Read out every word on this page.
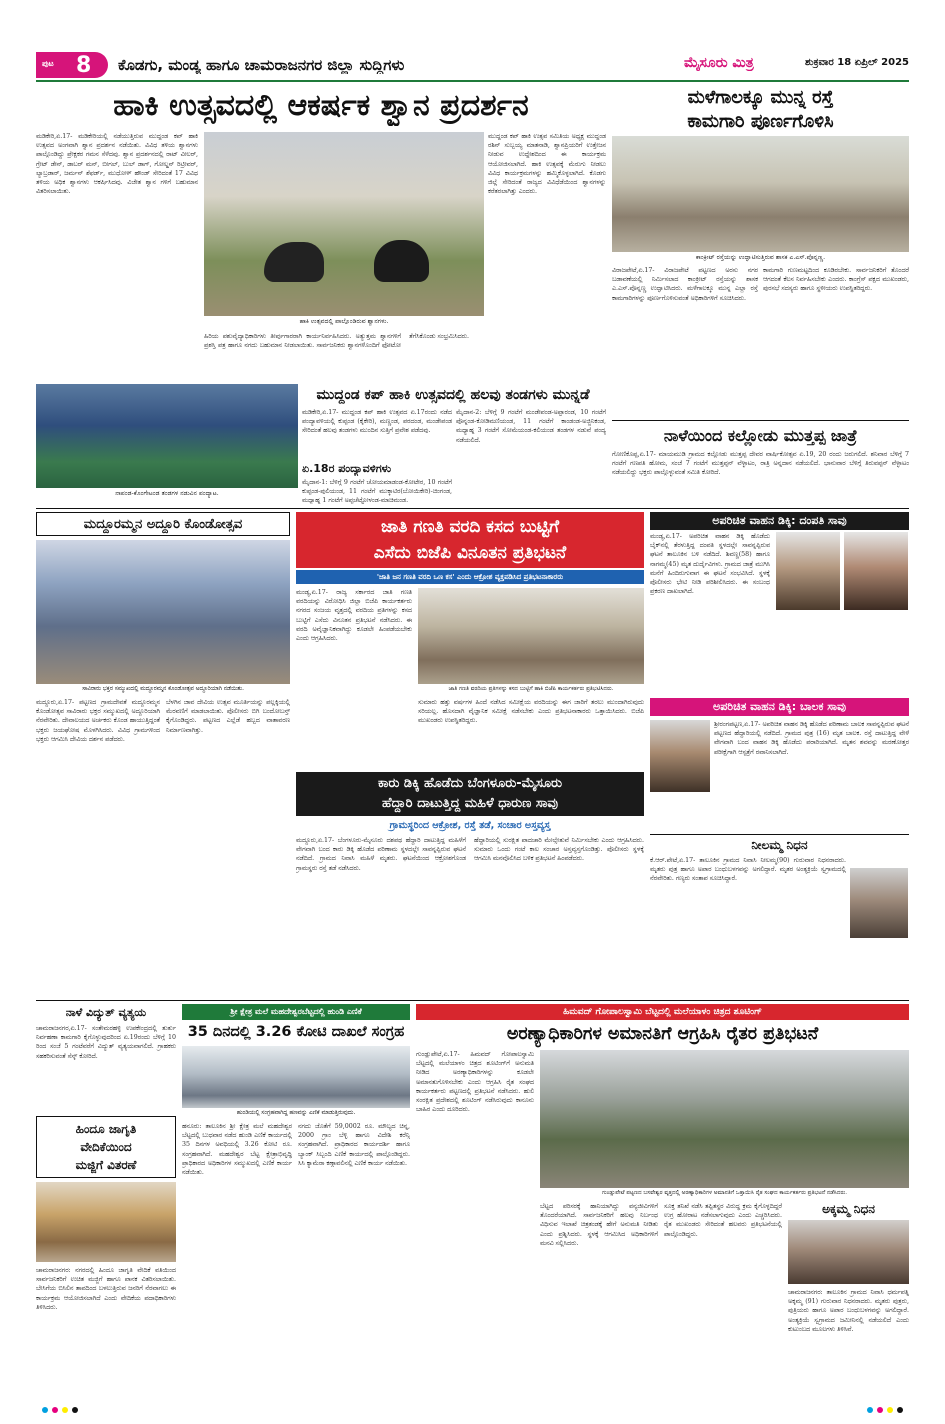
ಪುಟ 8 ಕೊಡಗು, ಮಂಡ್ಯ ಹಾಗೂ ಚಾಮರಾಜನಗರ ಜಿಲ್ಲಾ ಸುದ್ದಿಗಳು	ಮೈಸೂರು ಮಿತ್ರ	ಶುಕ್ರವಾರ 18 ಏಪ್ರಿಲ್ 2025
ಹಾಕಿ ಉತ್ಸವದಲ್ಲಿ ಆಕರ್ಷಕ ಶ್ವಾನ ಪ್ರದರ್ಶನ
ಮಡಿಕೇರಿ,ಏ.17- ಮಡಿಕೇರಿಯಲ್ಲಿ ನಡೆಯುತ್ತಿರುವ ಮುದ್ದಂಡ ಕಪ್ ಹಾಕಿ ಉತ್ಸವದ ಅಂಗವಾಗಿ ಶ್ವಾನ ಪ್ರದರ್ಶನ ನಡೆಯಿತು. ವಿವಿಧ ತಳಿಯ ಶ್ವಾನಗಳು ಪಾಲ್ಗೊಂಡಿದ್ದು ಪ್ರೇಕ್ಷಕರ ಗಮನ ಸೆಳೆದವು. ಶ್ವಾನ ಪ್ರದರ್ಶನದಲ್ಲಿ ರಾಟ್ ವೀಲರ್, ಗ್ರೇಟ್ ಡೇನ್, ಡಾಬರ್ ಮನ್, ಬೀಗಲ್, ಬುಲ್ ಡಾಗ್, ಗೋಲ್ಡನ್ ರಿಟ್ರೀವರ್, ಲ್ಯಾಬ್ರಡಾರ್, ಜರ್ಮನ್ ಶೆಫರ್ಡ್, ಮುಧೋಳ್ ಹೌಂಡ್ ಸೇರಿದಂತೆ 17 ವಿವಿಧ ತಳಿಯ ಅಧಿಕ ಶ್ವಾನಗಳು ಆಕರ್ಷಿಸಿದವು. ವಿಜೇತ ಶ್ವಾನ ಗಳಿಗೆ ಬಹುಮಾನ ವಿತರಿಸಲಾಯಿತು.
ಹಾಕಿ ಉತ್ಸವದಲ್ಲಿ ಪಾಲ್ಗೊಂಡಿರುವ ಶ್ವಾನಗಳು.
ಮುದ್ದಂಡ ಕಪ್ ಹಾಕಿ ಉತ್ಸವ ಸಮಿತಿಯ ಅಧ್ಯಕ್ಷ ಮುದ್ದಂಡ ರಶಿನ್ ಸುಬ್ಬಯ್ಯ ಮಾತನಾಡಿ, ಶ್ವಾನಪ್ರಿಯರಿಗೆ ಉತ್ತೇಜನ ನೀಡುವ ಉದ್ದೇಶದಿಂದ ಈ ಕಾರ್ಯಕ್ರಮ ಆಯೋಜಿಸಲಾಗಿದೆ. ಹಾಕಿ ಉತ್ಸವಕ್ಕೆ ಮೆರುಗು ನೀಡಲು ವಿವಿಧ ಕಾರ್ಯಕ್ರಮಗಳನ್ನು ಹಮ್ಮಿಕೊಳ್ಳಲಾಗಿದೆ. ಕೊಡಗು ಜಿಲ್ಲೆ ಸೇರಿದಂತೆ ರಾಜ್ಯದ ವಿವಿಧೆಡೆಯಿಂದ ಶ್ವಾನಗಳನ್ನು ಕರೆತರಲಾಗಿತ್ತು ಎಂದರು.
ಹಿರಿಯ ಪಶುವೈದ್ಯಾಧಿಕಾರಿಗಳು ತೀರ್ಪುಗಾರರಾಗಿ ಕಾರ್ಯನಿರ್ವಹಿಸಿದರು. ಅತ್ಯುತ್ತಮ ಶ್ವಾನಗಳಿಗೆ ಪ್ರಶಸ್ತಿ ಪತ್ರ ಹಾಗೂ ನಗದು ಬಹುಮಾನ ನೀಡಲಾಯಿತು. ಸಾರ್ವಜನಿಕರು ಶ್ವಾನಗಳೊಂದಿಗೆ ಫೋಟೋ ತೆಗೆಸಿಕೊಂಡು ಸಂಭ್ರಮಿಸಿದರು.
ನಾಪಂಡ-ಕೊಂಗೇಟಂಡ ತಂಡಗಳ ನಡುವಿನ ಪಂದ್ಯಾಟ.
ಮುದ್ದಂಡ ಕಪ್ ಹಾಕಿ ಉತ್ಸವದಲ್ಲಿ ಹಲವು ತಂಡಗಳು ಮುನ್ನಡೆ
ಮಡಿಕೇರಿ,ಏ.17- ಮುದ್ದಂಡ ಕಪ್ ಹಾಕಿ ಉತ್ಸವದ ಏ.17ರಂದು ನಡೆದ ಪಂದ್ಯಾವಳಿಯಲ್ಲಿ ಕುಪ್ಪಂಡ (ಕೈಕೇರಿ), ಮಣ್ಣಂಡ, ಪರದಂಡ, ಮಂಡೇಪಂಡ ಸೇರಿದಂತೆ ಹಲವು ತಂಡಗಳು ಮುಂದಿನ ಸುತ್ತಿಗೆ ಪ್ರವೇಶ ಪಡೆದವು.
ಏ.18ರ ಪಂದ್ಯಾವಳಿಗಳು
ಮೈದಾನ-1: ಬೆಳಿಗ್ಗೆ 9 ಗಂಟೆಗೆ ಚೋಯಮಾಡಂಡ-ಕೋಟೇರ, 10 ಗಂಟೆಗೆ ಕುಪ್ಪಂಡ-ಪುಲಿಯಂಡ, 11 ಗಂಟೆಗೆ ಮುಕ್ಕಾಟಿರ(ಬೋಯಿಕೇರಿ)-ಚಿಂಗಂಡ, ಮಧ್ಯಾಹ್ನ 1 ಗಂಟೆಗೆ ಅಪ್ಪಚೆಟ್ಟೋಳಂಡ-ಮಾಚಿಮಂಡ.
ಮೈದಾನ-2: ಬೆಳಿಗ್ಗೆ 9 ಗಂಟೆಗೆ ಮಂಡೇಪಂಡ-ಅಪ್ಪಾರಂಡ, 10 ಗಂಟೆಗೆ ಪೊನ್ನಂಡ-ಕೋಡಿಮಣಿಯಂಡ, 11 ಗಂಟೆಗೆ ಕಾಂಡಂಡ-ಅಜ್ಜಿನಿಕಂಡ, ಮಧ್ಯಾಹ್ನ 3 ಗಂಟೆಗೆ ಸೋಮೆಯಂಡ-ಕಲಿಯಂಡ ತಂಡಗಳ ನಡುವೆ ಪಂದ್ಯ ನಡೆಯಲಿದೆ.
ಮಳೆಗಾಲಕ್ಕೂ ಮುನ್ನ ರಸ್ತೆ
ಕಾಮಗಾರಿ ಪೂರ್ಣಗೊಳಿಸಿ
ಕಾಂಕ್ರೀಟ್ ರಸ್ತೆಯನ್ನು ಉದ್ಘಾಟಿಸುತ್ತಿರುವ ಶಾಸಕ ಎ.ಎಸ್.ಪೊನ್ನಣ್ಣ.
ವಿರಾಜಪೇಟೆ,ಏ.17- ವಿರಾಜಪೇಟೆ ಪಟ್ಟಣದ ಅರಸು ನಗರ ಬಡಾವಣೆಯಲ್ಲಿ ನಿರ್ಮಿಸಲಾದ ಕಾಂಕ್ರೀಟ್ ರಸ್ತೆಯನ್ನು ಶಾಸಕ ಎ.ಎಸ್.ಪೊನ್ನಣ್ಣ ಉದ್ಘಾಟಿಸಿದರು. ಮಳೆಗಾಲಕ್ಕೂ ಮುನ್ನ ಎಲ್ಲಾ ರಸ್ತೆ ಕಾಮಗಾರಿಗಳನ್ನು ಪೂರ್ಣಗೊಳಿಸುವಂತೆ ಅಧಿಕಾರಿಗಳಿಗೆ ಸೂಚಿಸಿದರು.
ಕಾಮಗಾರಿ ಗುಣಮಟ್ಟದಿಂದ ಕೂಡಿರಬೇಕು. ಸಾರ್ವಜನಿಕರಿಗೆ ತೊಂದರೆ ಆಗದಂತೆ ಕೆಲಸ ನಿರ್ವಹಿಸಬೇಕು ಎಂದರು. ಕಾಂಗ್ರೆಸ್ ಪಕ್ಷದ ಮುಖಂಡರು, ಪುರಸಭೆ ಸದಸ್ಯರು ಹಾಗೂ ಸ್ಥಳೀಯರು ಉಪಸ್ಥಿತರಿದ್ದರು.
ನಾಳೆಯಿಂದ ಕಲ್ಲೋಡು ಮುತ್ತಪ್ಪ ಜಾತ್ರೆ
ಗೋಣಿಕೊಪ್ಪ,ಏ.17- ಮಾಯಮುಡಿ ಗ್ರಾಮದ ಕಲ್ಲೋಡು ಮುತ್ತಪ್ಪ ದೇವರ ವಾರ್ಷಿಕೋತ್ಸವ ಏ.19, 20 ರಂದು ಜರುಗಲಿದೆ. ಶನಿವಾರ ಬೆಳಿಗ್ಗೆ 7 ಗಂಟೆಗೆ ಗಣಪತಿ ಹೋಮ, ಸಂಜೆ 7 ಗಂಟೆಗೆ ಮುತ್ತಪ್ಪನ್ ವೆಳ್ಳಾಟಂ, ರಾತ್ರಿ ಅನ್ನದಾನ ನಡೆಯಲಿದೆ. ಭಾನುವಾರ ಬೆಳಿಗ್ಗೆ ತಿರುವಪ್ಪನ್ ವೆಳ್ಳಾಟಂ ನಡೆಯಲಿದ್ದು ಭಕ್ತರು ಪಾಲ್ಗೊಳ್ಳುವಂತೆ ಸಮಿತಿ ಕೋರಿದೆ.
ಮದ್ದೂರಮ್ಮನ ಅದ್ದೂರಿ ಕೊಂಡೋತ್ಸವ
ಸಾವಿರಾರು ಭಕ್ತರ ಸಮ್ಮುಖದಲ್ಲಿ ಮದ್ದೂರಮ್ಮನ ಕೊಂಡೋತ್ಸವ ಅದ್ದೂರಿಯಾಗಿ ನಡೆಯಿತು.
ಮದ್ದೂರು,ಏ.17- ಪಟ್ಟಣದ ಗ್ರಾಮದೇವತೆ ಮದ್ದೂರಮ್ಮನ ಕೊಂಡೋತ್ಸವ ಸಾವಿರಾರು ಭಕ್ತರ ಸಮ್ಮುಖದಲ್ಲಿ ಅದ್ದೂರಿಯಾಗಿ ನೆರವೇರಿತು. ದೇವಾಲಯದ ಅರ್ಚಕರು ಕೊಂಡ ಹಾಯುತ್ತಿದ್ದಂತೆ ಭಕ್ತರು ಜಯಘೋಷ ಮೊಳಗಿಸಿದರು. ವಿವಿಧ ಗ್ರಾಮಗಳಿಂದ ಭಕ್ತರು ಆಗಮಿಸಿ ದೇವಿಯ ದರ್ಶನ ಪಡೆದರು.
ಬೆಳಗಿನ ಜಾವ ದೇವಿಯ ಉತ್ಸವ ಮೂರ್ತಿಯನ್ನು ಪಲ್ಲಕ್ಕಿಯಲ್ಲಿ ಮೆರವಣಿಗೆ ಮಾಡಲಾಯಿತು. ಪೊಲೀಸರು ಬಿಗಿ ಬಂದೋಬಸ್ತ್ ಕೈಗೊಂಡಿದ್ದರು. ಪಟ್ಟಣದ ಎಲ್ಲೆಡೆ ಹಬ್ಬದ ವಾತಾವರಣ ನಿರ್ಮಾಣವಾಗಿತ್ತು.
ಜಾತಿ ಗಣತಿ ವರದಿ ಕಸದ ಬುಟ್ಟಿಗೆ
ಎಸೆದು ಬಿಜೆಪಿ ವಿನೂತನ ಪ್ರತಿಭಟನೆ
'ಜಾತಿ ಜನ ಗಣತಿ ವರದಿ ಒಣ ಕಸ' ಎಂದು ಆಕ್ರೋಶ ವ್ಯಕ್ತಪಡಿಸಿದ ಪ್ರತಿಭಟನಾಕಾರರು
ಮಂಡ್ಯ,ಏ.17- ರಾಜ್ಯ ಸರ್ಕಾರದ ಜಾತಿ ಗಣತಿ ವರದಿಯನ್ನು ವಿರೋಧಿಸಿ ಜಿಲ್ಲಾ ಬಿಜೆಪಿ ಕಾರ್ಯಕರ್ತರು ನಗರದ ಸಂಜಯ ವೃತ್ತದಲ್ಲಿ ವರದಿಯ ಪ್ರತಿಗಳನ್ನು ಕಸದ ಬುಟ್ಟಿಗೆ ಎಸೆದು ವಿನೂತನ ಪ್ರತಿಭಟನೆ ನಡೆಸಿದರು. ಈ ವರದಿ ಅವೈಜ್ಞಾನಿಕವಾಗಿದ್ದು ಕೂಡಲೇ ಹಿಂಪಡೆಯಬೇಕು ಎಂದು ಆಗ್ರಹಿಸಿದರು.
ಜಾತಿ ಗಣತಿ ವರದಿಯ ಪ್ರತಿಗಳನ್ನು ಕಸದ ಬುಟ್ಟಿಗೆ ಹಾಕಿ ಬಿಜೆಪಿ ಕಾರ್ಯಕರ್ತರು ಪ್ರತಿಭಟಿಸಿದರು.
ಸುಮಾರು ಹತ್ತು ವರ್ಷಗಳ ಹಿಂದೆ ನಡೆಸಿದ ಸಮೀಕ್ಷೆಯ ವರದಿಯನ್ನು ಈಗ ಜಾರಿಗೆ ತರಲು ಮುಂದಾಗಿರುವುದು ಸರಿಯಲ್ಲ. ಹೊಸದಾಗಿ ವೈಜ್ಞಾನಿಕ ಸಮೀಕ್ಷೆ ನಡೆಸಬೇಕು ಎಂದು ಪ್ರತಿಭಟನಾಕಾರರು ಒತ್ತಾಯಿಸಿದರು. ಬಿಜೆಪಿ ಮುಖಂಡರು ಉಪಸ್ಥಿತರಿದ್ದರು.
ಕಾರು ಡಿಕ್ಕಿ ಹೊಡೆದು ಬೆಂಗಳೂರು-ಮೈಸೂರು
ಹೆದ್ದಾರಿ ದಾಟುತ್ತಿದ್ದ ಮಹಿಳೆ ಧಾರುಣ ಸಾವು
ಗ್ರಾಮಸ್ಥರಿಂದ ಆಕ್ರೋಶ, ರಸ್ತೆ ತಡೆ, ಸಂಚಾರ ಅಸ್ತವ್ಯಸ್ತ
ಮದ್ದೂರು,ಏ.17- ಬೆಂಗಳೂರು-ಮೈಸೂರು ದಶಪಥ ಹೆದ್ದಾರಿ ದಾಟುತ್ತಿದ್ದ ಮಹಿಳೆಗೆ ವೇಗವಾಗಿ ಬಂದ ಕಾರು ಡಿಕ್ಕಿ ಹೊಡೆದ ಪರಿಣಾಮ ಸ್ಥಳದಲ್ಲೇ ಸಾವನ್ನಪ್ಪಿರುವ ಘಟನೆ ನಡೆದಿದೆ. ಗ್ರಾಮದ ನಿವಾಸಿ ಮಹಿಳೆ ಮೃತರು. ಘಟನೆಯಿಂದ ಆಕ್ರೋಶಗೊಂಡ ಗ್ರಾಮಸ್ಥರು ರಸ್ತೆ ತಡೆ ನಡೆಸಿದರು.
ಹೆದ್ದಾರಿಯಲ್ಲಿ ಸುರಕ್ಷಿತ ಪಾದಚಾರಿ ಮೇಲ್ಸೇತುವೆ ನಿರ್ಮಿಸಬೇಕು ಎಂದು ಆಗ್ರಹಿಸಿದರು. ಸುಮಾರು ಒಂದು ಗಂಟೆ ಕಾಲ ಸಂಚಾರ ಅಸ್ತವ್ಯಸ್ತಗೊಂಡಿತ್ತು. ಪೊಲೀಸರು ಸ್ಥಳಕ್ಕೆ ಆಗಮಿಸಿ ಮನವೊಲಿಸಿದ ಬಳಿಕ ಪ್ರತಿಭಟನೆ ಹಿಂಪಡೆದರು.
ಅಪರಿಚಿತ ವಾಹನ ಡಿಕ್ಕಿ: ದಂಪತಿ ಸಾವು
ಮಂಡ್ಯ,ಏ.17- ಅಪರಿಚಿತ ವಾಹನ ಡಿಕ್ಕಿ ಹೊಡೆದು ಬೈಕ್‌ನಲ್ಲಿ ತೆರಳುತ್ತಿದ್ದ ದಂಪತಿ ಸ್ಥಳದಲ್ಲೇ ಸಾವನ್ನಪ್ಪಿರುವ ಘಟನೆ ತಾಲೂಕಿನ ಬಳಿ ನಡೆದಿದೆ. ಶಿವಣ್ಣ(58) ಹಾಗೂ ನಾಗಮ್ಮ(45) ಮೃತ ದುರ್ದೈವಿಗಳು. ಗ್ರಾಮದ ಜಾತ್ರೆ ಮುಗಿಸಿ ಮನೆಗೆ ಹಿಂದಿರುಗುವಾಗ ಈ ಘಟನೆ ಸಂಭವಿಸಿದೆ. ಸ್ಥಳಕ್ಕೆ ಪೊಲೀಸರು ಭೇಟಿ ನೀಡಿ ಪರಿಶೀಲಿಸಿದರು. ಈ ಸಂಬಂಧ ಪ್ರಕರಣ ದಾಖಲಾಗಿದೆ.
ಅಪರಿಚಿತ ವಾಹನ ಡಿಕ್ಕಿ: ಬಾಲಕ ಸಾವು
ಶ್ರೀರಂಗಪಟ್ಟಣ,ಏ.17- ಅಪರಿಚಿತ ವಾಹನ ಡಿಕ್ಕಿ ಹೊಡೆದ ಪರಿಣಾಮ ಬಾಲಕ ಸಾವನ್ನಪ್ಪಿರುವ ಘಟನೆ ಪಟ್ಟಣದ ಹೆದ್ದಾರಿಯಲ್ಲಿ ನಡೆದಿದೆ. ಗ್ರಾಮದ ಪುತ್ರ (16) ಮೃತ ಬಾಲಕ. ರಸ್ತೆ ದಾಟುತ್ತಿದ್ದ ವೇಳೆ ವೇಗವಾಗಿ ಬಂದ ವಾಹನ ಡಿಕ್ಕಿ ಹೊಡೆದು ಪರಾರಿಯಾಗಿದೆ. ಮೃತನ ಶವವನ್ನು ಮರಣೋತ್ತರ ಪರೀಕ್ಷೆಗಾಗಿ ಆಸ್ಪತ್ರೆಗೆ ರವಾನಿಸಲಾಗಿದೆ.
ನೀಲಮ್ಮ ನಿಧನ
ಕೆ.ಆರ್.ಪೇಟೆ,ಏ.17- ತಾಲೂಕಿನ ಗ್ರಾಮದ ನಿವಾಸಿ ನೀಲಮ್ಮ(90) ಗುರುವಾರ ನಿಧನರಾದರು. ಮೃತರು ಪುತ್ರ ಹಾಗೂ ಅಪಾರ ಬಂಧುಬಳಗವನ್ನು ಅಗಲಿದ್ದಾರೆ. ಮೃತರ ಅಂತ್ಯಕ್ರಿಯೆ ಸ್ವಗ್ರಾಮದಲ್ಲಿ ನೆರವೇರಿತು. ಗಣ್ಯರು ಸಂತಾಪ ಸೂಚಿಸಿದ್ದಾರೆ.
ನಾಳೆ ವಿದ್ಯುತ್ ವ್ಯತ್ಯಯ
ಚಾಮರಾಜನಗರ,ಏ.17- ಸಂತೇಮರಹಳ್ಳಿ ಉಪಕೇಂದ್ರದಲ್ಲಿ ತುರ್ತು ನಿರ್ವಹಣಾ ಕಾಮಗಾರಿ ಕೈಗೊಳ್ಳುವುದರಿಂದ ಏ.19ರಂದು ಬೆಳಿಗ್ಗೆ 10 ರಿಂದ ಸಂಜೆ 5 ಗಂಟೆವರೆಗೆ ವಿದ್ಯುತ್ ವ್ಯತ್ಯಯವಾಗಲಿದೆ. ಗ್ರಾಹಕರು ಸಹಕರಿಸುವಂತೆ ಸೆಸ್ಕ್ ಕೋರಿದೆ.
ಹಿಂದೂ ಜಾಗೃತಿ
ವೇದಿಕೆಯಿಂದ
ಮಜ್ಜಿಗೆ ವಿತರಣೆ
ಚಾಮರಾಜನಗರ: ನಗರದಲ್ಲಿ ಹಿಂದೂ ಜಾಗೃತಿ ವೇದಿಕೆ ವತಿಯಿಂದ ಸಾರ್ವಜನಿಕರಿಗೆ ಉಚಿತ ಮಜ್ಜಿಗೆ ಹಾಗೂ ಪಾನಕ ವಿತರಿಸಲಾಯಿತು. ಬೇಸಿಗೆಯ ಬಿಸಿಲಿನ ತಾಪದಿಂದ ಬಳಲುತ್ತಿರುವ ಜನರಿಗೆ ನೆರವಾಗಲು ಈ ಕಾರ್ಯಕ್ರಮ ಆಯೋಜಿಸಲಾಗಿದೆ ಎಂದು ವೇದಿಕೆಯ ಪದಾಧಿಕಾರಿಗಳು ತಿಳಿಸಿದರು.
ಶ್ರೀ ಕ್ಷೇತ್ರ ಮಲೆ ಮಹದೇಶ್ವರಬೆಟ್ಟದಲ್ಲಿ ಹುಂಡಿ ಎಣಿಕೆ
35 ದಿನದಲ್ಲಿ 3.26 ಕೋಟಿ ದಾಖಲೆ ಸಂಗ್ರಹ
ಹುಂಡಿಯಲ್ಲಿ ಸಂಗ್ರಹವಾಗಿದ್ದ ಹಣವನ್ನು ಎಣಿಕೆ ಮಾಡುತ್ತಿರುವುದು.
ಹನೂರು: ತಾಲೂಕಿನ ಶ್ರೀ ಕ್ಷೇತ್ರ ಮಲೆ ಮಹದೇಶ್ವರ ಬೆಟ್ಟದಲ್ಲಿ ಬುಧವಾರ ನಡೆದ ಹುಂಡಿ ಎಣಿಕೆ ಕಾರ್ಯದಲ್ಲಿ 35 ದಿನಗಳ ಅವಧಿಯಲ್ಲಿ 3.26 ಕೋಟಿ ರೂ. ಸಂಗ್ರಹವಾಗಿದೆ. ಮಹದೇಶ್ವರ ಬೆಟ್ಟ ಕ್ಷೇತ್ರಾಭಿವೃದ್ಧಿ ಪ್ರಾಧಿಕಾರದ ಅಧಿಕಾರಿಗಳ ಸಮ್ಮುಖದಲ್ಲಿ ಎಣಿಕೆ ಕಾರ್ಯ ನಡೆಯಿತು.
ನಗದು ಜೊತೆಗೆ 59,0002 ರೂ. ಮೌಲ್ಯದ ಚಿನ್ನ, 2000 ಗ್ರಾಂ ಬೆಳ್ಳಿ ಹಾಗೂ ವಿದೇಶಿ ಕರೆನ್ಸಿ ಸಂಗ್ರಹವಾಗಿದೆ. ಪ್ರಾಧಿಕಾರದ ಕಾರ್ಯದರ್ಶಿ ಹಾಗೂ ಬ್ಯಾಂಕ್ ಸಿಬ್ಬಂದಿ ಎಣಿಕೆ ಕಾರ್ಯದಲ್ಲಿ ಪಾಲ್ಗೊಂಡಿದ್ದರು. ಸಿಸಿ ಕ್ಯಾಮೆರಾ ಕಣ್ಗಾವಲಿನಲ್ಲಿ ಎಣಿಕೆ ಕಾರ್ಯ ನಡೆಯಿತು.
ಹಿಮವದ್ ಗೋಪಾಲಸ್ವಾಮಿ ಬೆಟ್ಟದಲ್ಲಿ ಮಲೆಯಾಳಂ ಚಿತ್ರದ ಶೂಟಿಂಗ್
ಅರಣ್ಯಾಧಿಕಾರಿಗಳ ಅಮಾನತಿಗೆ ಆಗ್ರಹಿಸಿ ರೈತರ ಪ್ರತಿಭಟನೆ
ಗುಂಡ್ಲುಪೇಟೆ,ಏ.17- ಹಿಮವದ್ ಗೋಪಾಲಸ್ವಾಮಿ ಬೆಟ್ಟದಲ್ಲಿ ಮಲೆಯಾಳಂ ಚಿತ್ರದ ಶೂಟಿಂಗ್‌ಗೆ ಅನುಮತಿ ನೀಡಿದ ಅರಣ್ಯಾಧಿಕಾರಿಗಳನ್ನು ಕೂಡಲೇ ಅಮಾನತುಗೊಳಿಸಬೇಕು ಎಂದು ಆಗ್ರಹಿಸಿ ರೈತ ಸಂಘದ ಕಾರ್ಯಕರ್ತರು ಪಟ್ಟಣದಲ್ಲಿ ಪ್ರತಿಭಟನೆ ನಡೆಸಿದರು. ಹುಲಿ ಸಂರಕ್ಷಿತ ಪ್ರದೇಶದಲ್ಲಿ ಶೂಟಿಂಗ್ ನಡೆಸಿರುವುದು ಕಾನೂನು ಬಾಹಿರ ಎಂದು ದೂರಿದರು.
ಗುಂಡ್ಲುಪೇಟೆ ಪಟ್ಟಣದ ಬಸವೇಶ್ವರ ವೃತ್ತದಲ್ಲಿ ಅರಣ್ಯಾಧಿಕಾರಿಗಳ ಅಮಾನತಿಗೆ ಒತ್ತಾಯಿಸಿ ರೈತ ಸಂಘದ ಕಾರ್ಯಕರ್ತರು ಪ್ರತಿಭಟನೆ ನಡೆಸಿದರು.
ಬೆಟ್ಟದ ಪರಿಸರಕ್ಕೆ ಹಾನಿಯಾಗಿದ್ದು ವನ್ಯಜೀವಿಗಳಿಗೆ ತೊಂದರೆಯಾಗಿದೆ. ಸಾರ್ವಜನಿಕರಿಗೆ ಹಲವು ನಿರ್ಬಂಧ ವಿಧಿಸುವ ಇಲಾಖೆ ಚಿತ್ರತಂಡಕ್ಕೆ ಹೇಗೆ ಅನುಮತಿ ನೀಡಿತು ಎಂದು ಪ್ರಶ್ನಿಸಿದರು. ಸ್ಥಳಕ್ಕೆ ಆಗಮಿಸಿದ ಅಧಿಕಾರಿಗಳಿಗೆ ಮನವಿ ಸಲ್ಲಿಸಿದರು.
ಸೂಕ್ತ ತನಿಖೆ ನಡೆಸಿ ತಪ್ಪಿತಸ್ಥರ ವಿರುದ್ಧ ಕ್ರಮ ಕೈಗೊಳ್ಳದಿದ್ದರೆ ಉಗ್ರ ಹೋರಾಟ ನಡೆಸಲಾಗುವುದು ಎಂದು ಎಚ್ಚರಿಸಿದರು. ರೈತ ಮುಖಂಡರು ಸೇರಿದಂತೆ ಹಲವರು ಪ್ರತಿಭಟನೆಯಲ್ಲಿ ಪಾಲ್ಗೊಂಡಿದ್ದರು.
ಅಕ್ಕಮ್ಮ ನಿಧನ
ಚಾಮರಾಜನಗರ: ತಾಲೂಕಿನ ಗ್ರಾಮದ ನಿವಾಸಿ ಧರ್ಮಪತ್ನಿ ಅಕ್ಕಮ್ಮ (91) ಗುರುವಾರ ನಿಧನರಾದರು. ಮೃತರು ಪುತ್ರರು, ಪುತ್ರಿಯರು ಹಾಗೂ ಅಪಾರ ಬಂಧುಬಳಗವನ್ನು ಅಗಲಿದ್ದಾರೆ. ಅಂತ್ಯಕ್ರಿಯೆ ಸ್ವಗ್ರಾಮದ ಜಮೀನಿನಲ್ಲಿ ನಡೆಯಲಿದೆ ಎಂದು ಕುಟುಂಬದ ಮೂಲಗಳು ತಿಳಿಸಿವೆ.
